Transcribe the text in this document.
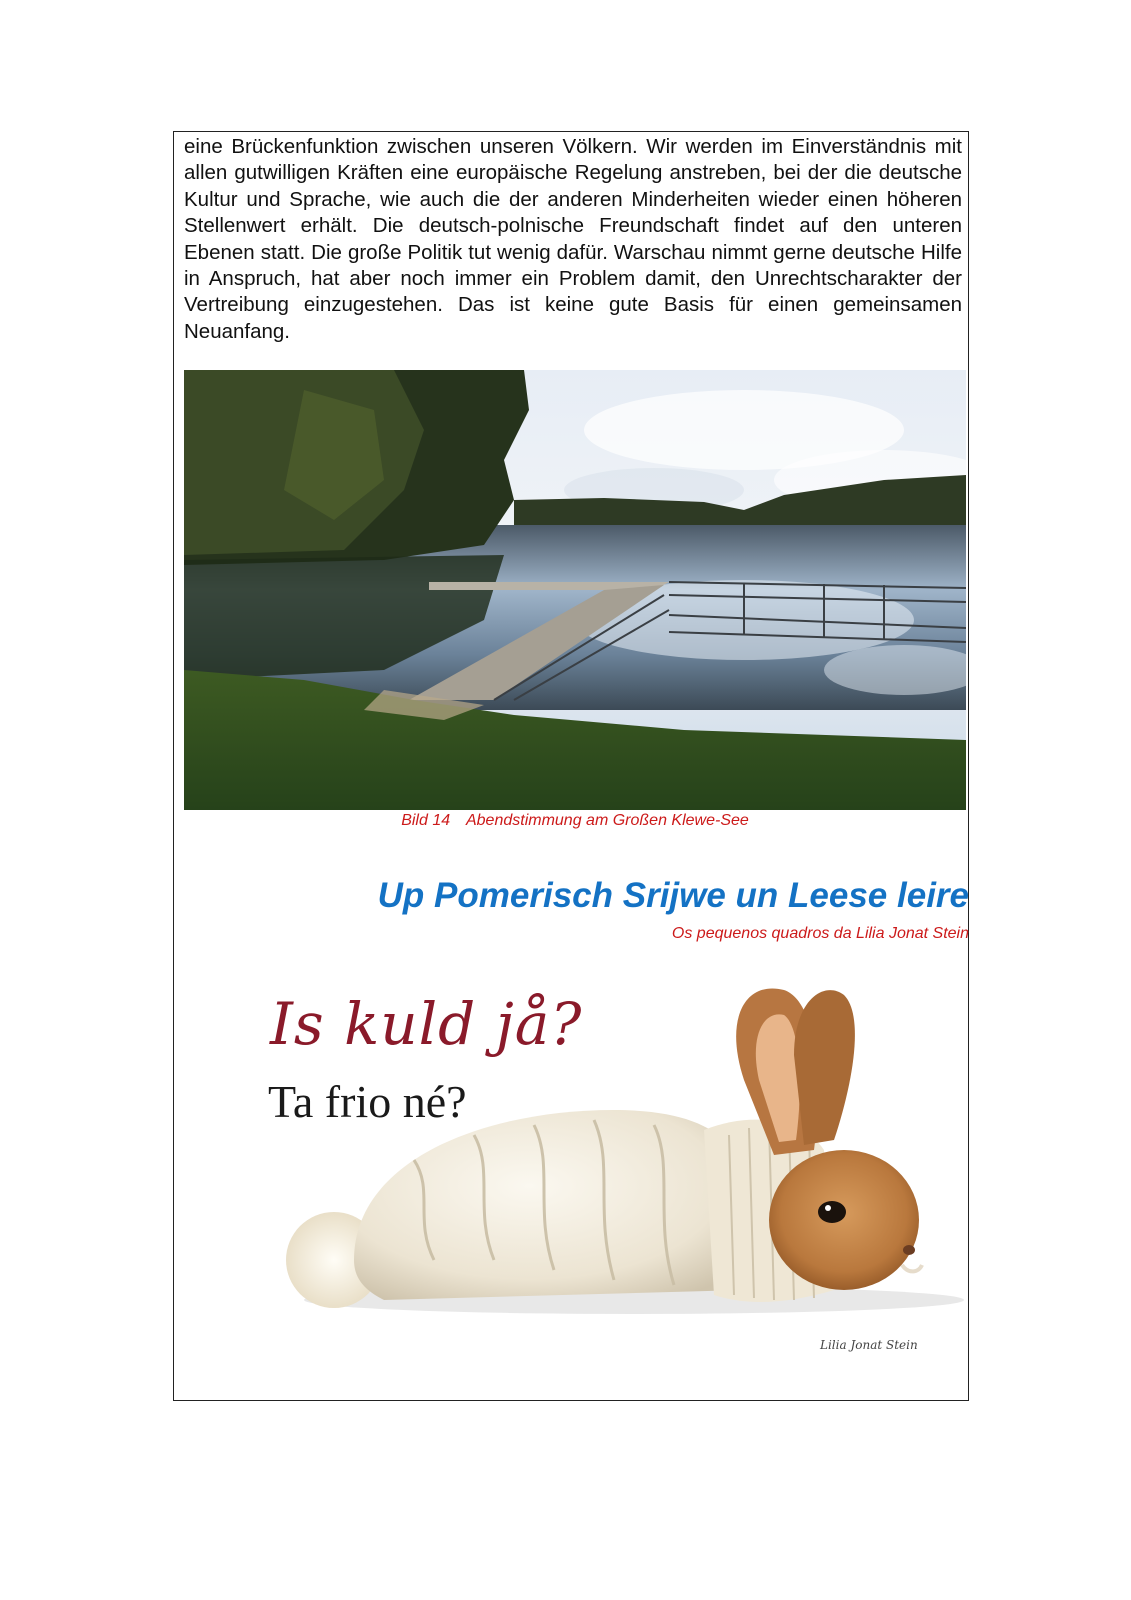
eine Brückenfunktion zwischen unseren Völkern. Wir werden im Einverständnis mit allen gutwilligen Kräften eine europäische Regelung anstreben, bei der die deutsche Kultur und Sprache, wie auch die der anderen Minderheiten wieder einen höheren Stellenwert erhält. Die deutsch-polnische Freundschaft findet auf den unteren Ebenen statt. Die große Politik tut wenig dafür. Warschau nimmt gerne deutsche Hilfe in Anspruch, hat aber noch immer ein Problem damit, den Unrechtscharakter der Vertreibung einzugestehen. Das ist keine gute Basis für einen gemeinsamen Neuanfang.

Bild 14 Abendstimmung am Großen Klewe-See
Up Pomerisch Srijwe un Leese leire
Os pequenos quadros da Lilia Jonat Stein
Is kuld jå?
Ta frio né?
Lilia Jonat Stein
